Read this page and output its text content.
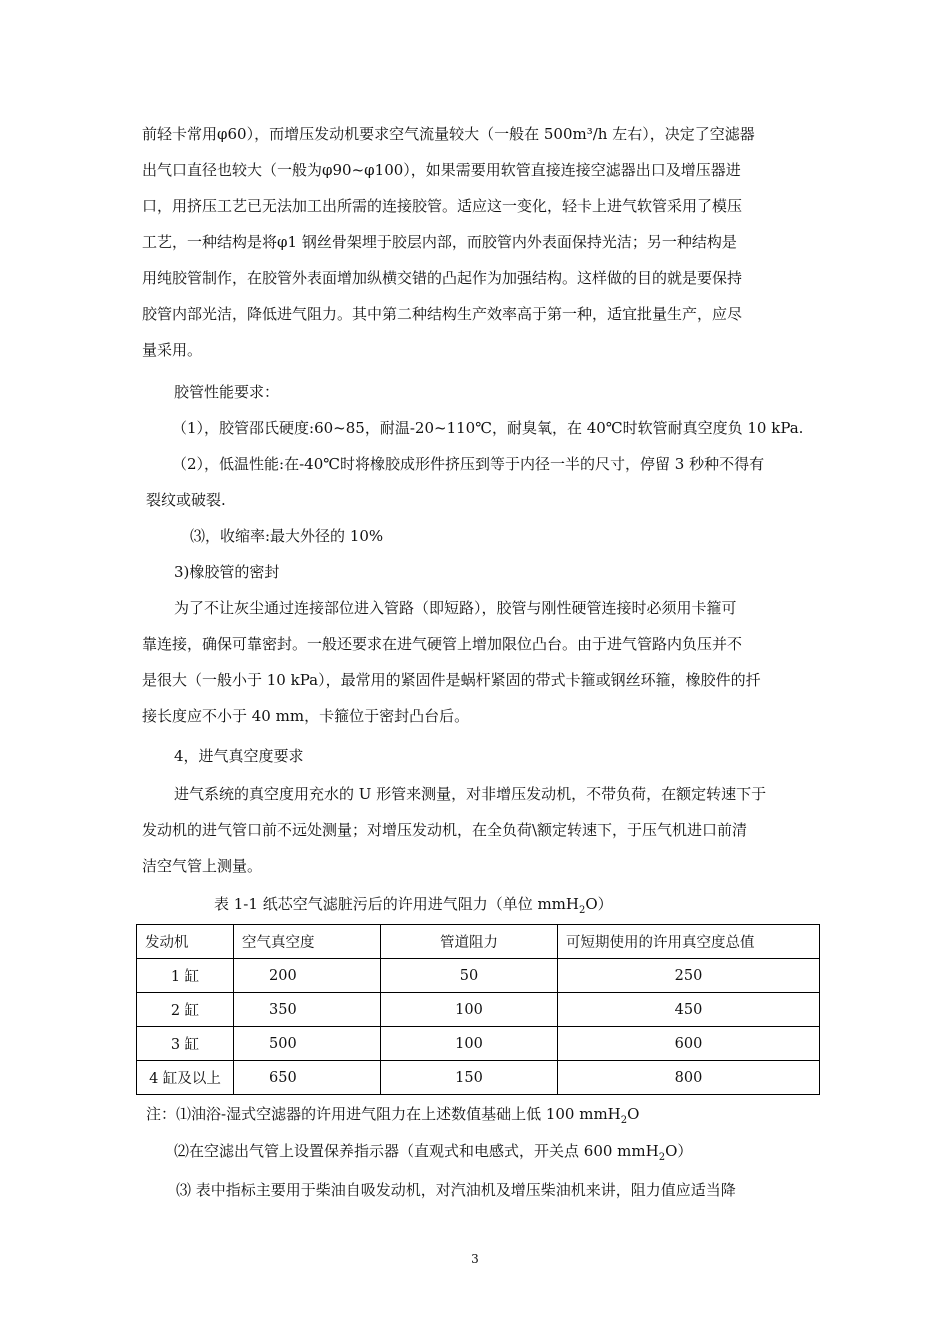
前轻卡常用φ60），而增压发动机要求空气流量较大（一般在 500m³/h 左右），决定了空滤器
出气口直径也较大（一般为φ90~φ100），如果需要用软管直接连接空滤器出口及增压器进
口，用挤压工艺已无法加工出所需的连接胶管。适应这一变化，轻卡上进气软管采用了模压
工艺，一种结构是将φ1 钢丝骨架埋于胶层内部，而胶管内外表面保持光洁；另一种结构是
用纯胶管制作，在胶管外表面增加纵横交错的凸起作为加强结构。这样做的目的就是要保持
胶管内部光洁，降低进气阻力。其中第二种结构生产效率高于第一种，适宜批量生产，应尽
量采用。
胶管性能要求：
（1），胶管邵氏硬度:60~85，耐温-20~110℃，耐臭氧，在 40℃时软管耐真空度负 10 kPa.
（2），低温性能:在-40℃时将橡胶成形件挤压到等于内径一半的尺寸，停留 3 秒种不得有
裂纹或破裂.
⑶，收缩率:最大外径的 10%
3)橡胶管的密封
为了不让灰尘通过连接部位进入管路（即短路），胶管与刚性硬管连接时必须用卡箍可
靠连接，确保可靠密封。一般还要求在进气硬管上增加限位凸台。由于进气管路内负压并不
是很大（一般小于 10 kPa），最常用的紧固件是蜗杆紧固的带式卡箍或钢丝环箍，橡胶件的扦
接长度应不小于 40 mm，卡箍位于密封凸台后。
4，进气真空度要求
进气系统的真空度用充水的 U 形管来测量，对非增压发动机，不带负荷，在额定转速下于
发动机的进气管口前不远处测量；对增压发动机，在全负荷\额定转速下，于压气机进口前清
洁空气管上测量。
表 1-1 纸芯空气滤脏污后的许用进气阻力（单位 mmH$_2$O）
发动机	空气真空度	管道阻力	可短期使用的许用真空度总值
1 缸	200	50	250
2 缸	350	100	450
3 缸	500	100	600
4 缸及以上	650	150	800
注：⑴油浴-湿式空滤器的许用进气阻力在上述数值基础上低 100 mmH$_2$O
⑵在空滤出气管上设置保养指示器（直观式和电感式，开关点 600 mmH$_2$O）
⑶ 表中指标主要用于柴油自吸发动机，对汽油机及增压柴油机来讲，阻力值应适当降
3
